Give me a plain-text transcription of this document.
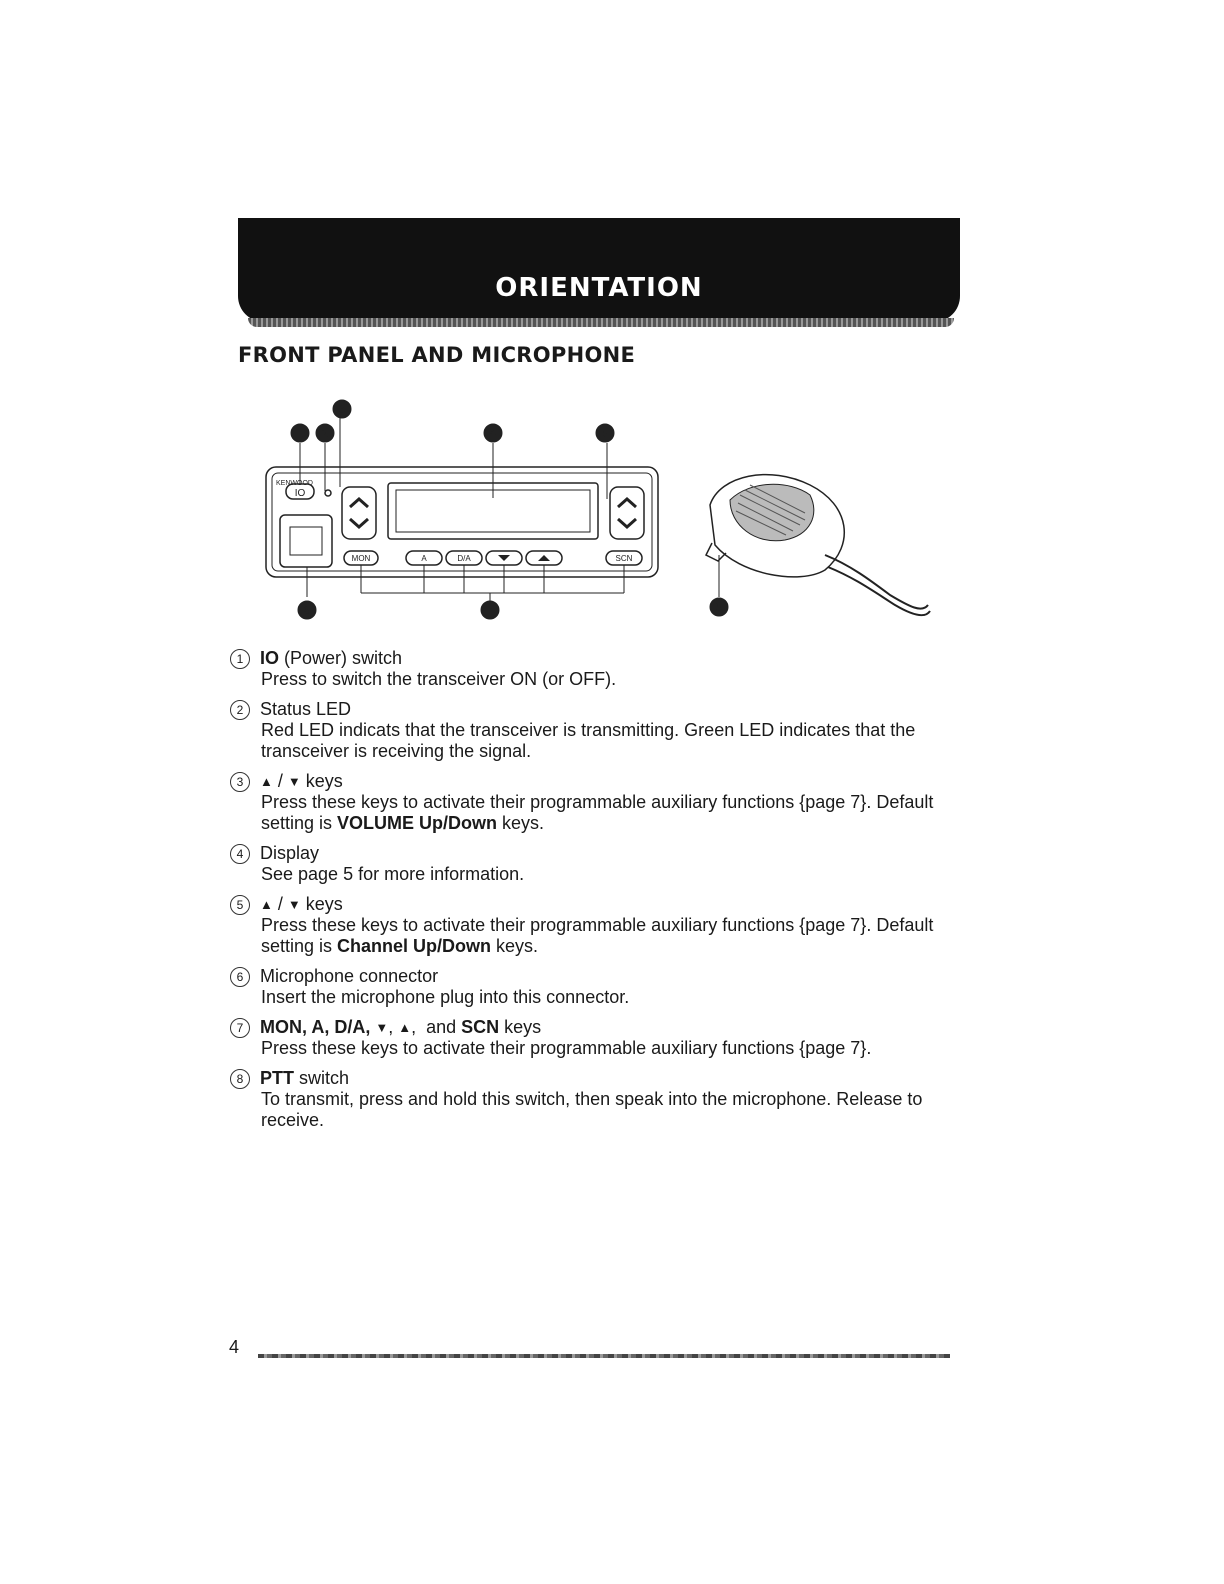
ORIENTATION
FRONT PANEL AND MICROPHONE
KENWOOD
IO
MON	A	D/A	SCN
1 2
3
4	5
6	7	8
1 IO (Power) switch
Press to switch the transceiver ON (or OFF).
2 Status LED
Red LED indicats that the transceiver is transmitting. Green LED indicates that the transceiver is receiving the signal.
3	▲ / ▼ keys
Press these keys to activate their programmable auxiliary functions {page 7}. Default setting is VOLUME Up/Down keys.
4 Display
See page 5 for more information.
5	▲ / ▼ keys
Press these keys to activate their programmable auxiliary functions {page 7}. Default setting is Channel Up/Down keys.
6 Microphone connector
Insert the microphone plug into this connector.
7 MON, A, D/A, ▼ , ▲ ,  and SCN keys
Press these keys to activate their programmable auxiliary functions {page 7}.
8 PTT switch
To transmit, press and hold this switch, then speak into the microphone. Release to receive.
4
